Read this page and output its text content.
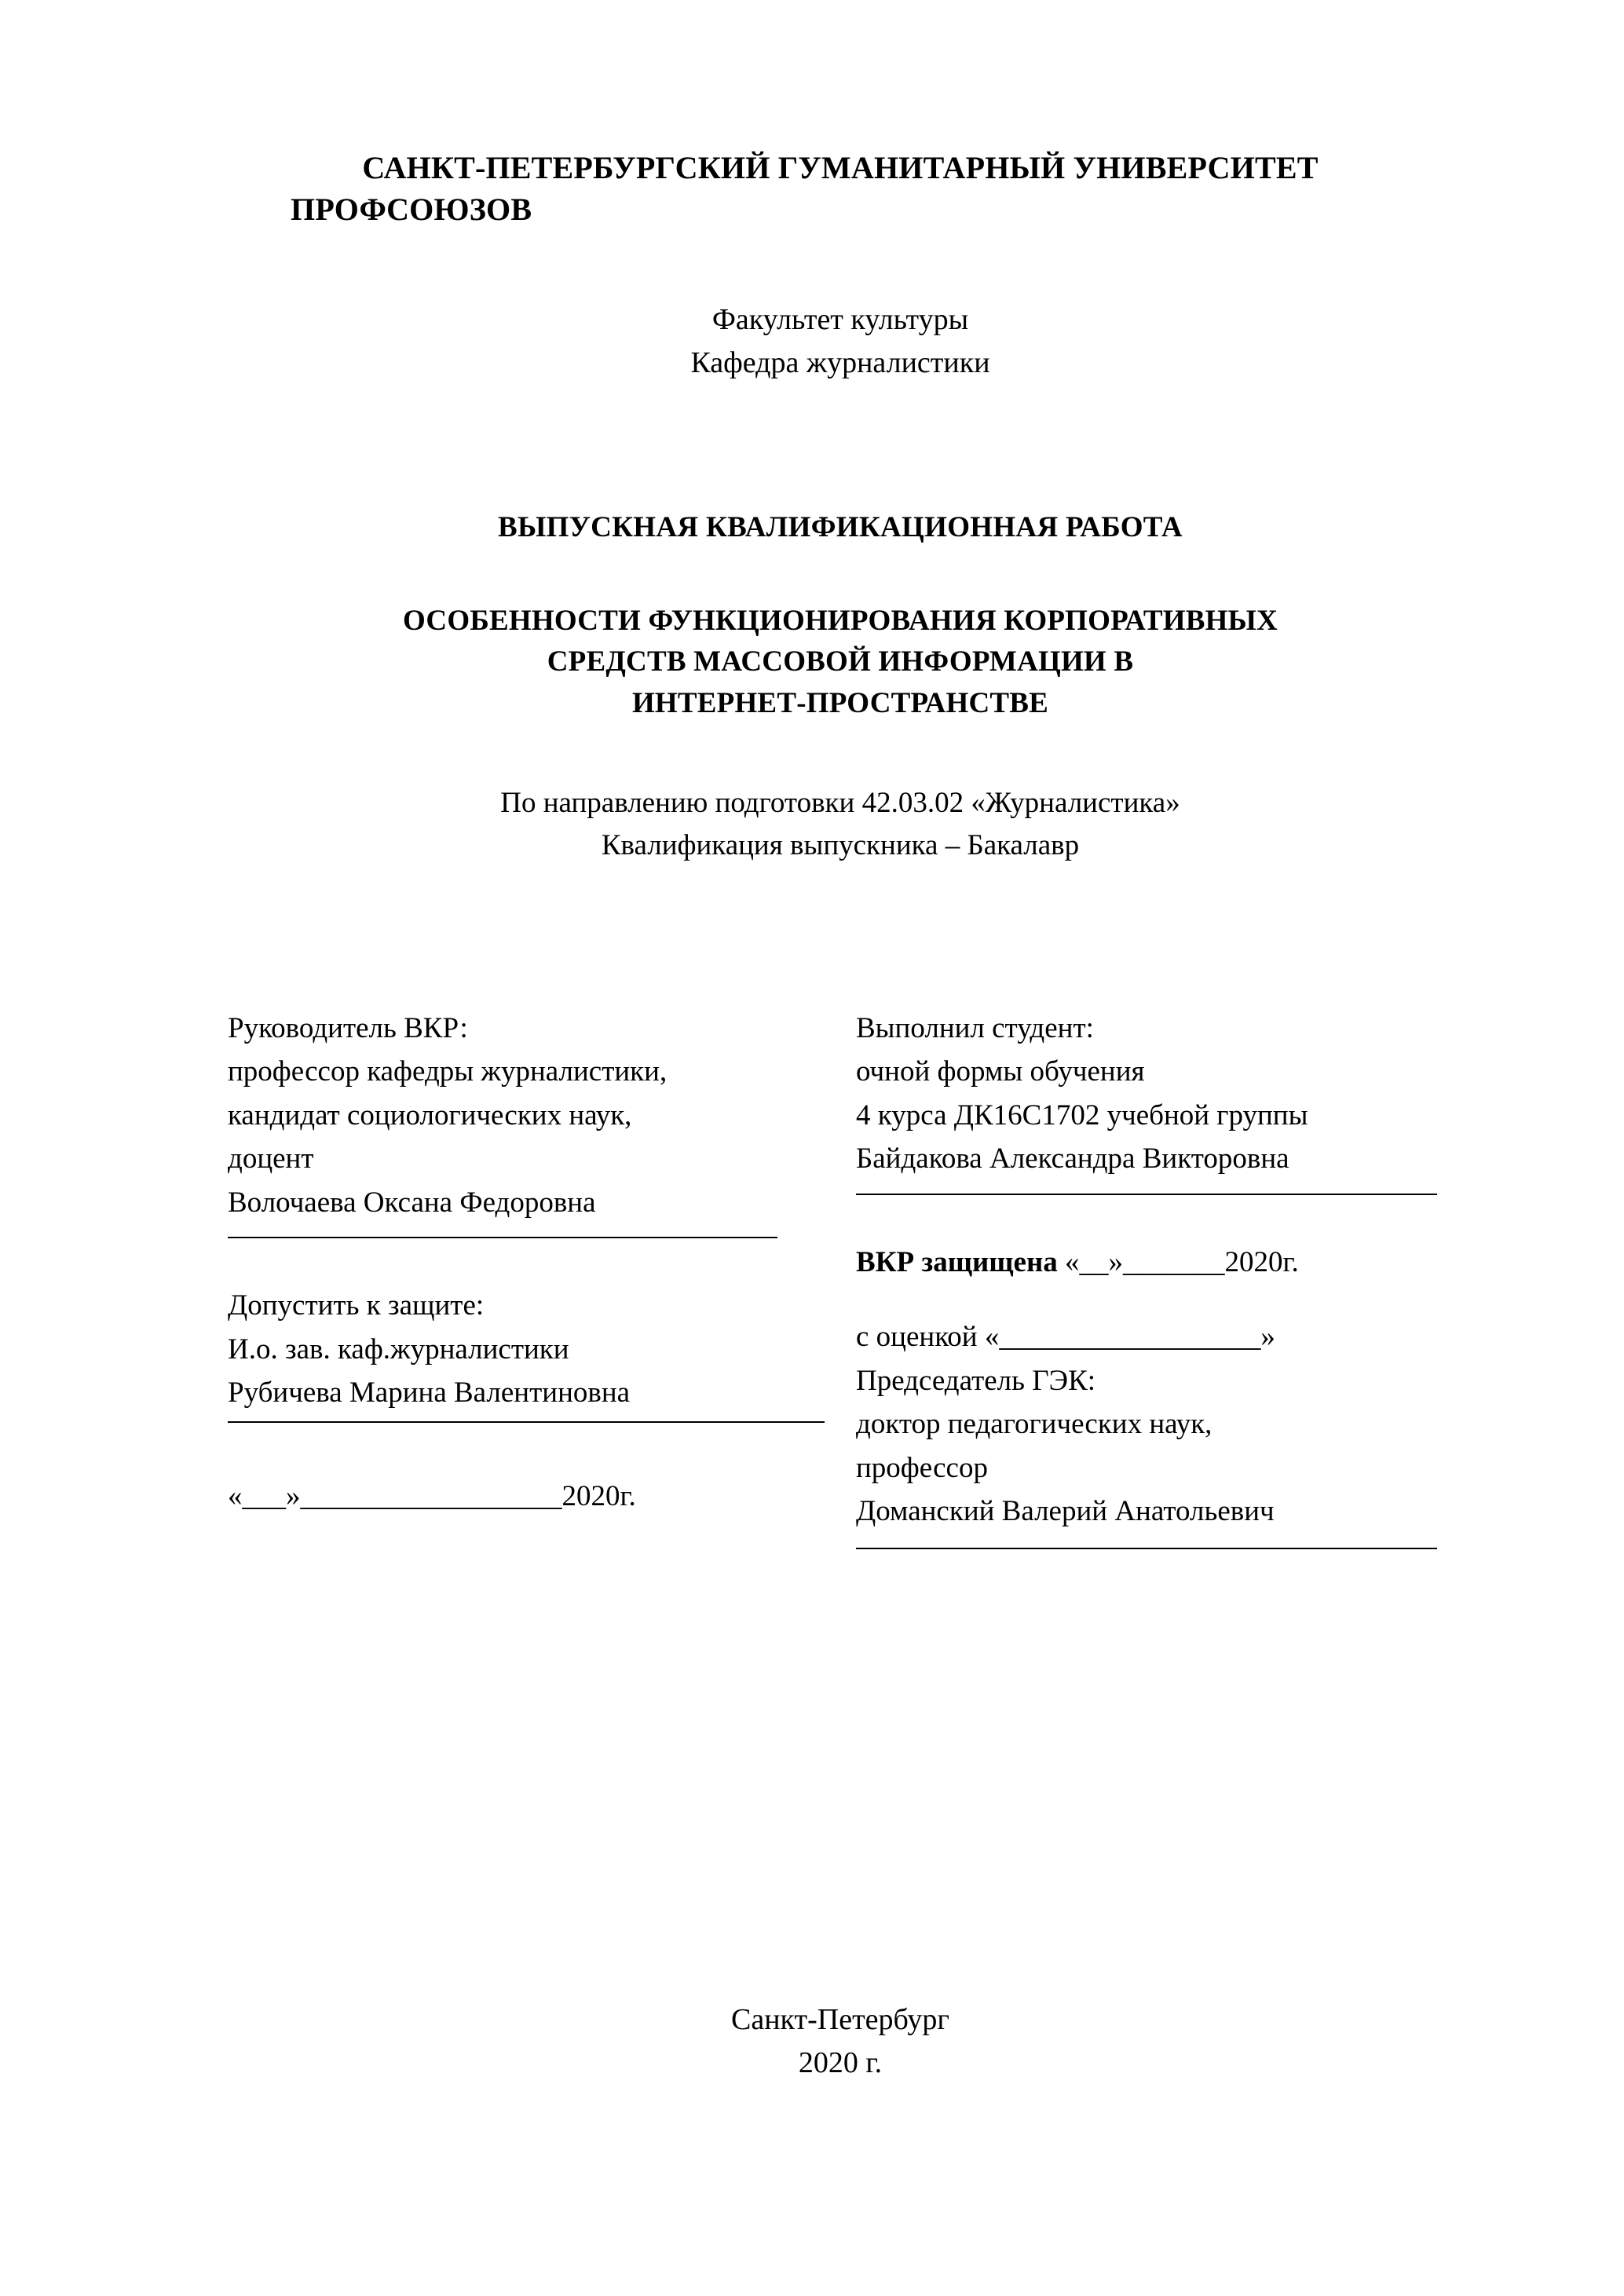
САНКТ-ПЕТЕРБУРГСКИЙ ГУМАНИТАРНЫЙ УНИВЕРСИТЕТ
ПРОФСОЮЗОВ
Факультет культуры
Кафедра журналистики
ВЫПУСКНАЯ КВАЛИФИКАЦИОННАЯ РАБОТА
ОСОБЕННОСТИ ФУНКЦИОНИРОВАНИЯ КОРПОРАТИВНЫХ
СРЕДСТВ МАССОВОЙ ИНФОРМАЦИИ В
ИНТЕРНЕТ-ПРОСТРАНСТВЕ
По направлению подготовки 42.03.02 «Журналистика»
Квалификация выпускника – Бакалавр
Руководитель ВКР:
профессор кафедры журналистики,
кандидат социологических наук,
доцент
Волочаева Оксана Федоровна
Допустить к защите:
И.о. зав. каф.журналистики
Рубичева Марина Валентиновна
«___»__________________2020г.
Выполнил студент:
очной формы обучения
4 курса ДК16С1702 учебной группы
Байдакова Александра Викторовна
ВКР защищена «__»_______2020г.
с оценкой «__________________»
Председатель ГЭК:
доктор педагогических наук,
профессор
Доманский Валерий Анатольевич
Санкт-Петербург
2020 г.
